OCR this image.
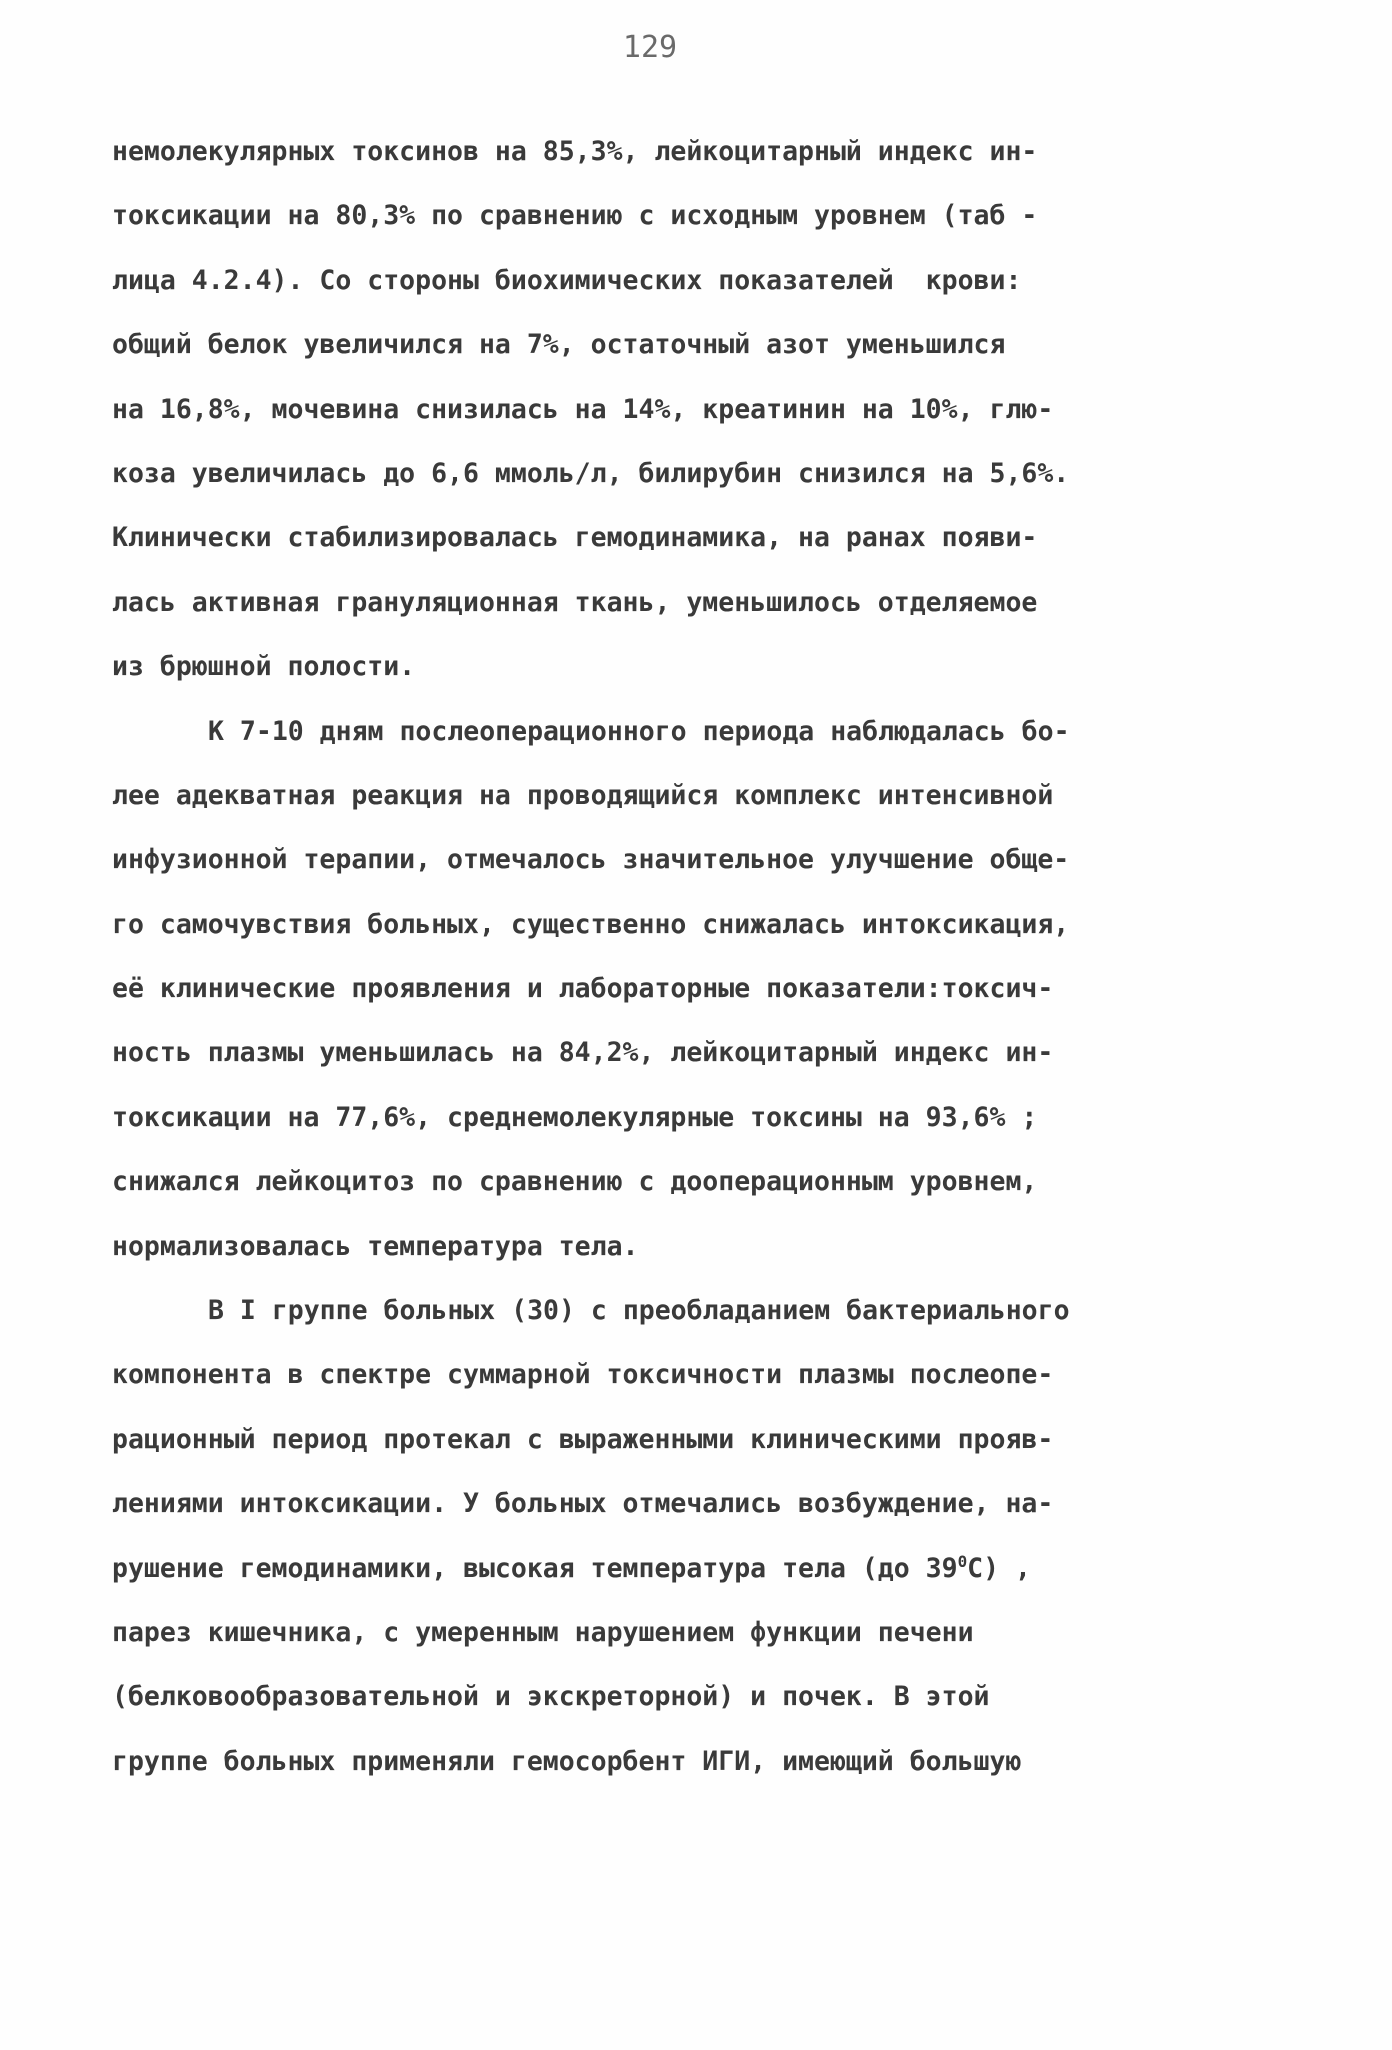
129
немолекулярных токсинов на 85,3%, лейкоцитарный индекс ин-
токсикации на 80,3% по сравнению с исходным уровнем (таб -
лица 4.2.4). Со стороны биохимических показателей  крови:
общий белок увеличился на 7%, остаточный азот уменьшился
на 16,8%, мочевина снизилась на 14%, креатинин на 10%, глю-
коза увеличилась до 6,6 ммоль/л, билирубин снизился на 5,6%.
Клинически стабилизировалась гемодинамика, на ранах появи-
лась активная грануляционная ткань, уменьшилось отделяемое
из брюшной полости.
К 7-10 дням послеоперационного периода наблюдалась бо-
лее адекватная реакция на проводящийся комплекс интенсивной
инфузионной терапии, отмечалось значительное улучшение обще-
го самочувствия больных, существенно снижалась интоксикация,
её клинические проявления и лабораторные показатели:токсич-
ность плазмы уменьшилась на 84,2%, лейкоцитарный индекс ин-
токсикации на 77,6%, среднемолекулярные токсины на 93,6% ;
снижался лейкоцитоз по сравнению с дооперационным уровнем,
нормализовалась температура тела.
В I группе больных (30) с преобладанием бактериального
компонента в спектре суммарной токсичности плазмы послеопе-
рационный период протекал с выраженными клиническими прояв-
лениями интоксикации. У больных отмечались возбуждение, на-
рушение гемодинамики, высокая температура тела (до $39^0С$) ,
парез кишечника, с умеренным нарушением функции печени
(белковообразовательной и экскреторной) и почек. В этой
группе больных применяли гемосорбент ИГИ, имеющий большую
